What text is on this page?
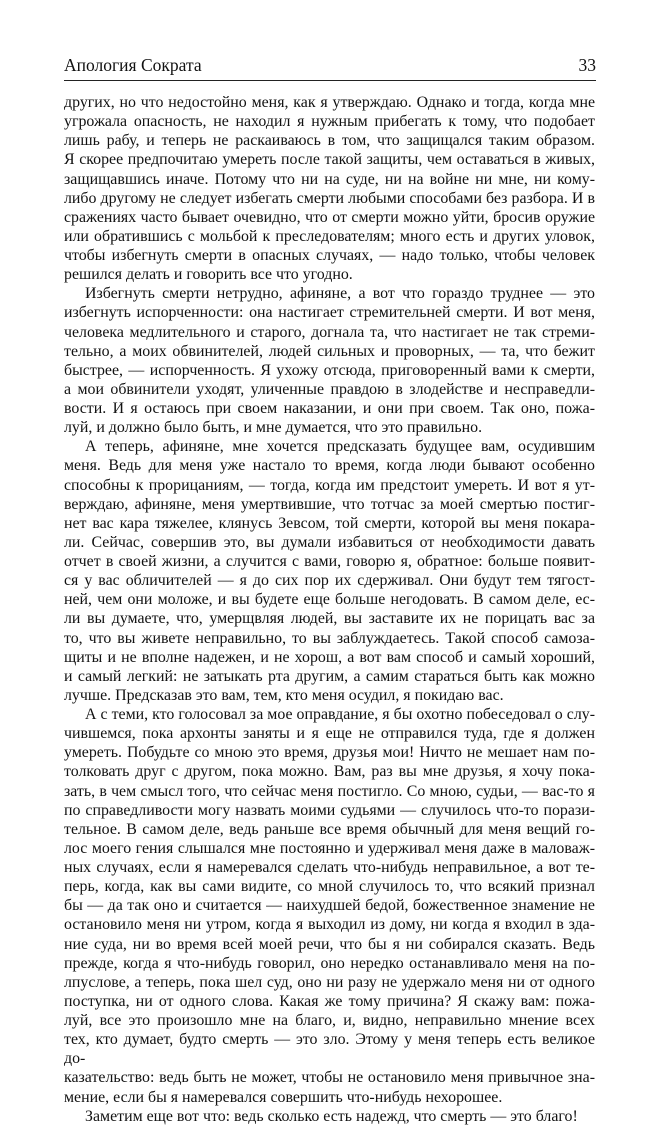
Апология Сократа	33

других, но что недостойно меня, как я утверждаю. Однако и тогда, когда мне

угрожала опасность, не находил я нужным прибегать к тому, что подобает

лишь рабу, и теперь не раскаиваюсь в том, что защищался таким образом.

Я скорее предпочитаю умереть после такой защиты, чем оставаться в живых,

защищавшись иначе. Потому что ни на суде, ни на войне ни мне, ни кому-

либо другому не следует избегать смерти любыми способами без разбора. И в

сражениях часто бывает очевидно, что от смерти можно уйти, бросив оружие

или обратившись с мольбой к преследователям; много есть и других уловок,

чтобы избегнуть смерти в опасных случаях, — надо только, чтобы человек

решился делать и говорить все что угодно.

Избегнуть смерти нетрудно, афиняне, а вот что гораздо труднее — это

избегнуть испорченности: она настигает стремительней смерти. И вот меня,

человека медлительного и старого, догнала та, что настигает не так стреми-

тельно, а моих обвинителей, людей сильных и проворных, — та, что бежит

быстрее, — испорченность. Я ухожу отсюда, приговоренный вами к смерти,

а мои обвинители уходят, уличенные правдою в злодействе и несправедли-

вости. И я остаюсь при своем наказании, и они при своем. Так оно, пожа-

луй, и должно было быть, и мне думается, что это правильно.

А теперь, афиняне, мне хочется предсказать будущее вам, осудившим

меня. Ведь для меня уже настало то время, когда люди бывают особенно

способны к прорицаниям, — тогда, когда им предстоит умереть. И вот я ут-

верждаю, афиняне, меня умертвившие, что тотчас за моей смертью постиг-

нет вас кара тяжелее, клянусь Зевсом, той смерти, которой вы меня покара-

ли. Сейчас, совершив это, вы думали избавиться от необходимости давать

отчет в своей жизни, а случится с вами, говорю я, обратное: больше появит-

ся у вас обличителей — я до сих пор их сдерживал. Они будут тем тягост-

ней, чем они моложе, и вы будете еще больше негодовать. В самом деле, ес-

ли вы думаете, что, умерщвляя людей, вы заставите их не порицать вас за

то, что вы живете неправильно, то вы заблуждаетесь. Такой способ самоза-

щиты и не вполне надежен, и не хорош, а вот вам способ и самый хороший,

и самый легкий: не затыкать рта другим, а самим стараться быть как можно

лучше. Предсказав это вам, тем, кто меня осудил, я покидаю вас.

А с теми, кто голосовал за мое оправдание, я бы охотно побеседовал о слу-

чившемся, пока архонты заняты и я еще не отправился туда, где я должен

умереть. Побудьте со мною это время, друзья мои! Ничто не мешает нам по-

толковать друг с другом, пока можно. Вам, раз вы мне друзья, я хочу пока-

зать, в чем смысл того, что сейчас меня постигло. Со мною, судьи, — вас-то я

по справедливости могу назвать моими судьями — случилось что-то порази-

тельное. В самом деле, ведь раньше все время обычный для меня вещий го-

лос моего гения слышался мне постоянно и удерживал меня даже в маловаж-

ных случаях, если я намеревался сделать что-нибудь неправильное, а вот те-

перь, когда, как вы сами видите, со мной случилось то, что всякий признал

бы — да так оно и считается — наихудшей бедой, божественное знамение не

остановило меня ни утром, когда я выходил из дому, ни когда я входил в зда-

ние суда, ни во время всей моей речи, что бы я ни собирался сказать. Ведь

прежде, когда я что-нибудь говорил, оно нередко останавливало меня на по-

лпуслове, а теперь, пока шел суд, оно ни разу не удержало меня ни от одного

поступка, ни от одного слова. Какая же тому причина? Я скажу вам: пожа-

луй, все это произошло мне на благо, и, видно, неправильно мнение всех

тех, кто думает, будто смерть — это зло. Этому у меня теперь есть великое до-

казательство: ведь быть не может, чтобы не остановило меня привычное зна-

мение, если бы я намеревался совершить что-нибудь нехорошее.

Заметим еще вот что: ведь сколько есть надежд, что смерть — это благо!
